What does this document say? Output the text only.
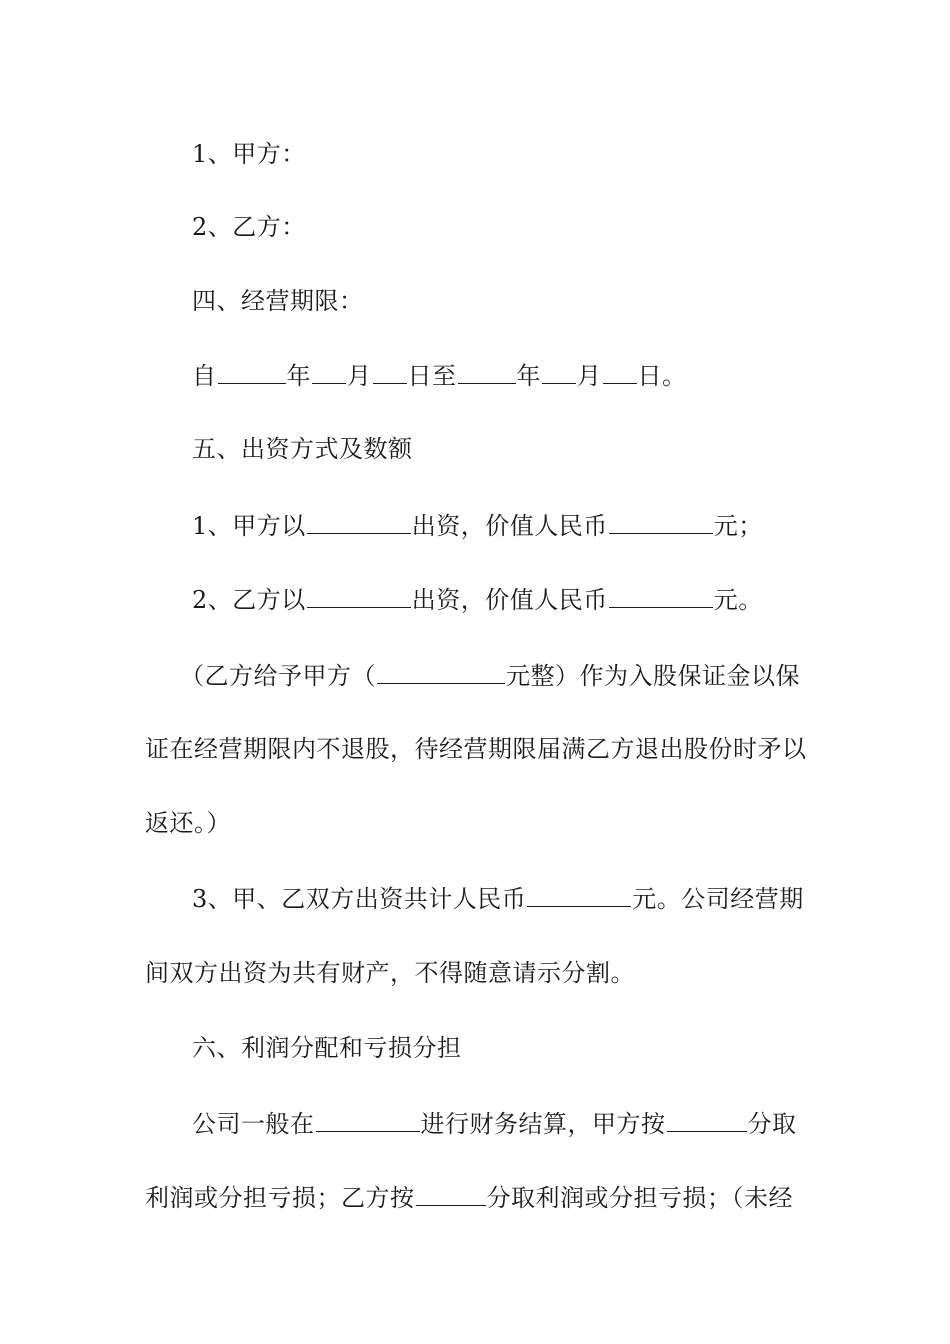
1、甲方：
2、乙方：
四、经营期限：
自	年 月 日至	年 月 日。
五、出资方式及数额
1、甲方以	出资，价值人民币	元；
2、乙方以	出资，价值人民币	元。
（乙方给予甲方（	元整）作为入股保证金以保
证在经营期限内不退股，待经营期限届满乙方退出股份时矛以
返还。）
3、甲、乙双方出资共计人民币	元。公司经营期
间双方出资为共有财产，不得随意请示分割。
六、利润分配和亏损分担
公司一般在	进行财务结算，甲方按	分取
利润或分担亏损；乙方按	分取利润或分担亏损；（未经
